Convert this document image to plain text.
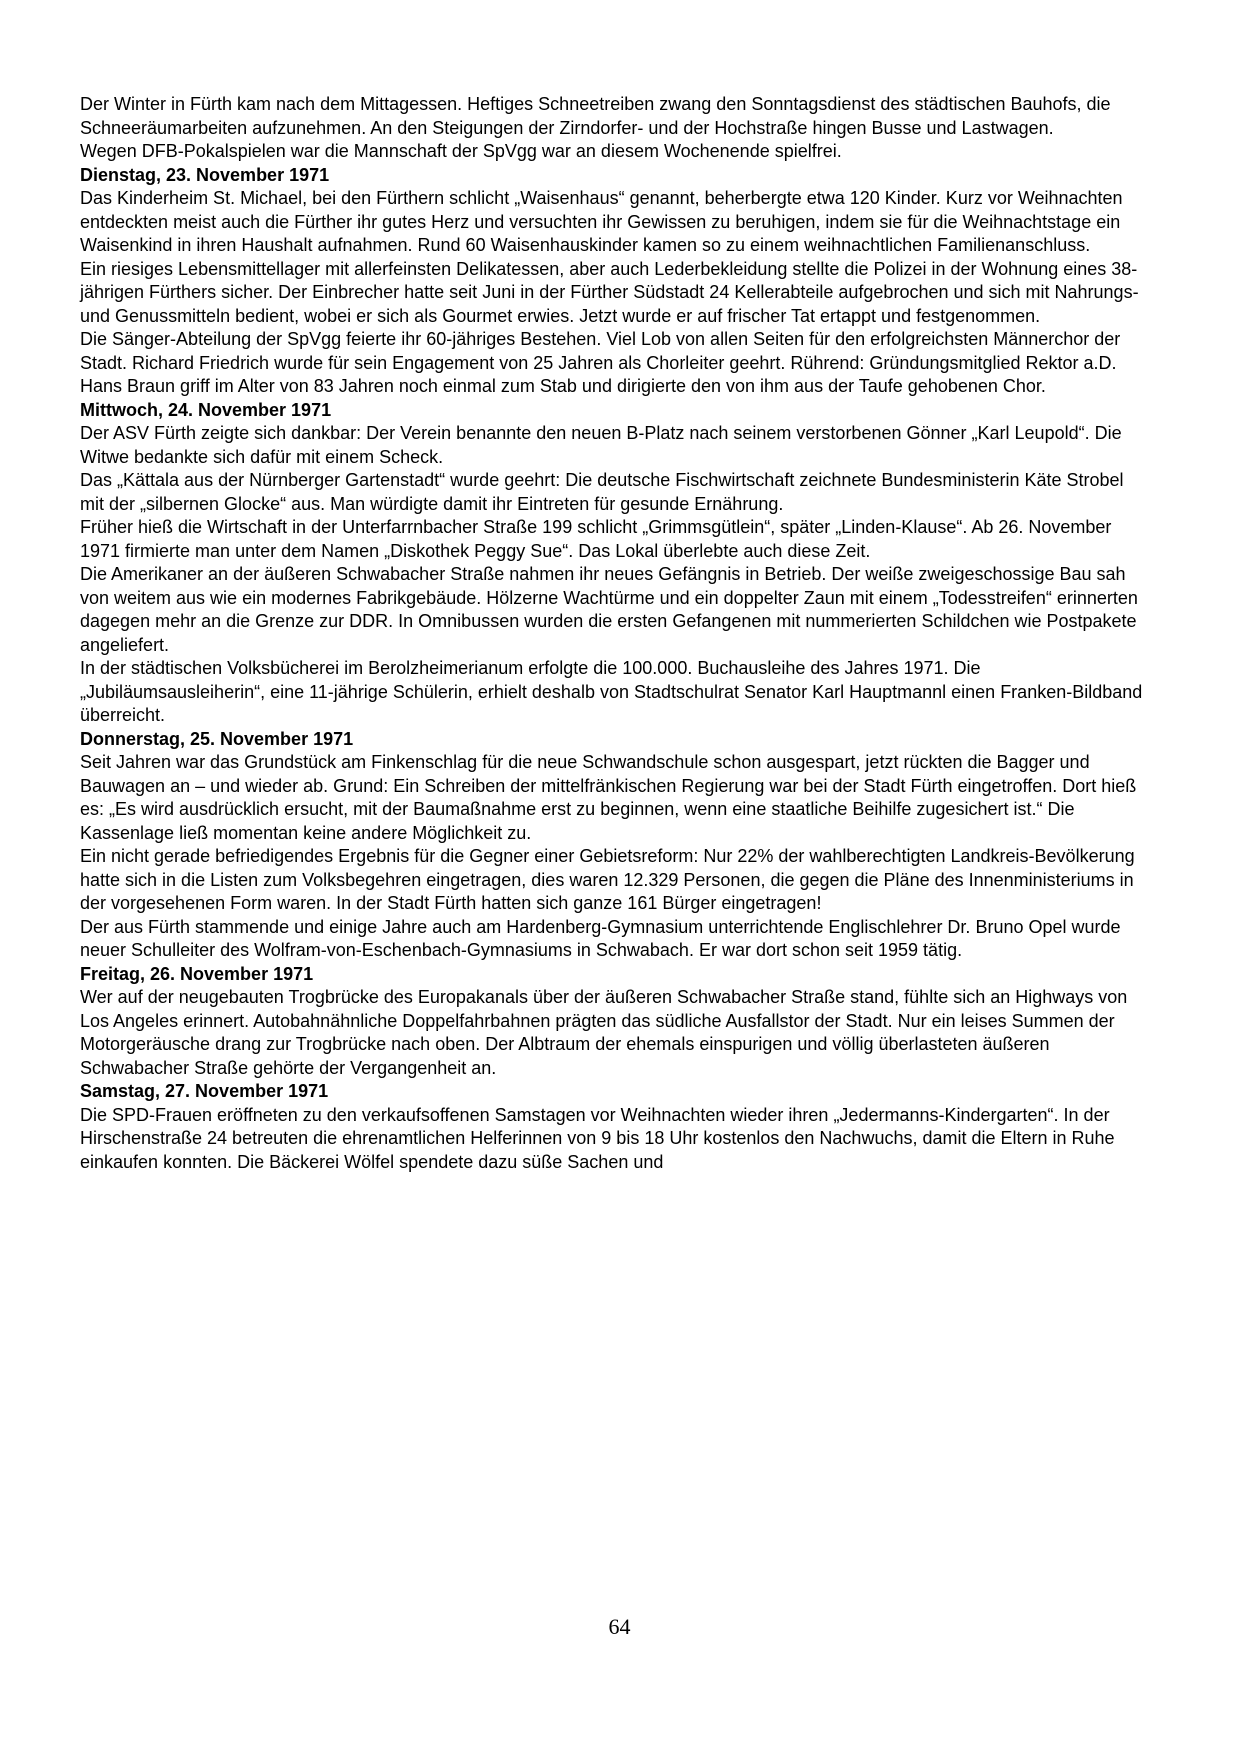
Der Winter in Fürth kam nach dem Mittagessen. Heftiges Schneetreiben zwang den Sonntagsdienst des städtischen Bauhofs, die Schneeräumarbeiten aufzunehmen. An den Steigungen der Zirndorfer- und der Hochstraße hingen Busse und Lastwagen.

Wegen DFB-Pokalspielen war die Mannschaft der SpVgg war an diesem Wochenende spielfrei.

Dienstag, 23. November 1971

Das Kinderheim St. Michael, bei den Fürthern schlicht „Waisenhaus“ genannt, beherbergte etwa 120 Kinder. Kurz vor Weihnachten entdeckten meist auch die Fürther ihr gutes Herz und versuchten ihr Gewissen zu beruhigen, indem sie für die Weihnachtstage ein Waisenkind in ihren Haushalt aufnahmen. Rund 60 Waisenhauskinder kamen so zu einem weihnachtlichen Familienanschluss.

Ein riesiges Lebensmittellager mit allerfeinsten Delikatessen, aber auch Lederbekleidung stellte die Polizei in der Wohnung eines 38-jährigen Fürthers sicher. Der Einbrecher hatte seit Juni in der Fürther Südstadt 24 Kellerabteile aufgebrochen und sich mit Nahrungs- und Genussmitteln bedient, wobei er sich als Gourmet erwies. Jetzt wurde er auf frischer Tat ertappt und festgenommen.

Die Sänger-Abteilung der SpVgg feierte ihr 60-jähriges Bestehen. Viel Lob von allen Seiten für den erfolgreichsten Männerchor der Stadt. Richard Friedrich wurde für sein Engagement von 25 Jahren als Chorleiter geehrt. Rührend: Gründungsmitglied Rektor a.D. Hans Braun griff im Alter von 83 Jahren noch einmal zum Stab und dirigierte den von ihm aus der Taufe gehobenen Chor.

Mittwoch, 24. November 1971

Der ASV Fürth zeigte sich dankbar: Der Verein benannte den neuen B-Platz nach seinem verstorbenen Gönner „Karl Leupold“. Die Witwe bedankte sich dafür mit einem Scheck.

Das „Kättala aus der Nürnberger Gartenstadt“ wurde geehrt: Die deutsche Fischwirtschaft zeichnete Bundesministerin Käte Strobel mit der „silbernen Glocke“ aus. Man würdigte damit ihr Eintreten für gesunde Ernährung.

Früher hieß die Wirtschaft in der Unterfarrnbacher Straße 199 schlicht „Grimmsgütlein“, später „Linden-Klause“. Ab 26. November 1971 firmierte man unter dem Namen „Diskothek Peggy Sue“. Das Lokal überlebte auch diese Zeit.

Die Amerikaner an der äußeren Schwabacher Straße nahmen ihr neues Gefängnis in Betrieb. Der weiße zweigeschossige Bau sah von weitem aus wie ein modernes Fabrikgebäude. Hölzerne Wachtürme und ein doppelter Zaun mit einem „Todesstreifen“ erinnerten dagegen mehr an die Grenze zur DDR. In Omnibussen wurden die ersten Gefangenen mit nummerierten Schildchen wie Postpakete angeliefert.

In der städtischen Volksbücherei im Berolzheimerianum erfolgte die 100.000. Buchausleihe des Jahres 1971. Die „Jubiläumsausleiherin“, eine 11-jährige Schülerin, erhielt deshalb von Stadtschulrat Senator Karl Hauptmannl einen Franken-Bildband überreicht.

Donnerstag, 25. November 1971

Seit Jahren war das Grundstück am Finkenschlag für die neue Schwandschule schon ausgespart, jetzt rückten die Bagger und Bauwagen an – und wieder ab. Grund: Ein Schreiben der mittelfränkischen Regierung war bei der Stadt Fürth eingetroffen. Dort hieß es: „Es wird ausdrücklich ersucht, mit der Baumaßnahme erst zu beginnen, wenn eine staatliche Beihilfe zugesichert ist.“ Die Kassenlage ließ momentan keine andere Möglichkeit zu.

Ein nicht gerade befriedigendes Ergebnis für die Gegner einer Gebietsreform: Nur 22% der wahlberechtigten Landkreis-Bevölkerung hatte sich in die Listen zum Volksbegehren eingetragen, dies waren 12.329 Personen, die gegen die Pläne des Innenministeriums in der vorgesehenen Form waren. In der Stadt Fürth hatten sich ganze 161 Bürger eingetragen!

Der aus Fürth stammende und einige Jahre auch am Hardenberg-Gymnasium unterrichtende Englischlehrer Dr. Bruno Opel wurde neuer Schulleiter des Wolfram-von-Eschenbach-Gymnasiums in Schwabach. Er war dort schon seit 1959 tätig.

Freitag, 26. November 1971

Wer auf der neugebauten Trogbrücke des Europakanals über der äußeren Schwabacher Straße stand, fühlte sich an Highways von Los Angeles erinnert. Autobahnähnliche Doppelfahrbahnen prägten das südliche Ausfallstor der Stadt. Nur ein leises Summen der Motorgeräusche drang zur Trogbrücke nach oben. Der Albtraum der ehemals einspurigen und völlig überlasteten äußeren Schwabacher Straße gehörte der Vergangenheit an.

Samstag, 27. November 1971

Die SPD-Frauen eröffneten zu den verkaufsoffenen Samstagen vor Weihnachten wieder ihren „Jedermanns-Kindergarten“. In der Hirschenstraße 24 betreuten die ehrenamtlichen Helferinnen von 9 bis 18 Uhr kostenlos den Nachwuchs, damit die Eltern in Ruhe einkaufen konnten. Die Bäckerei Wölfel spendete dazu süße Sachen und

64
